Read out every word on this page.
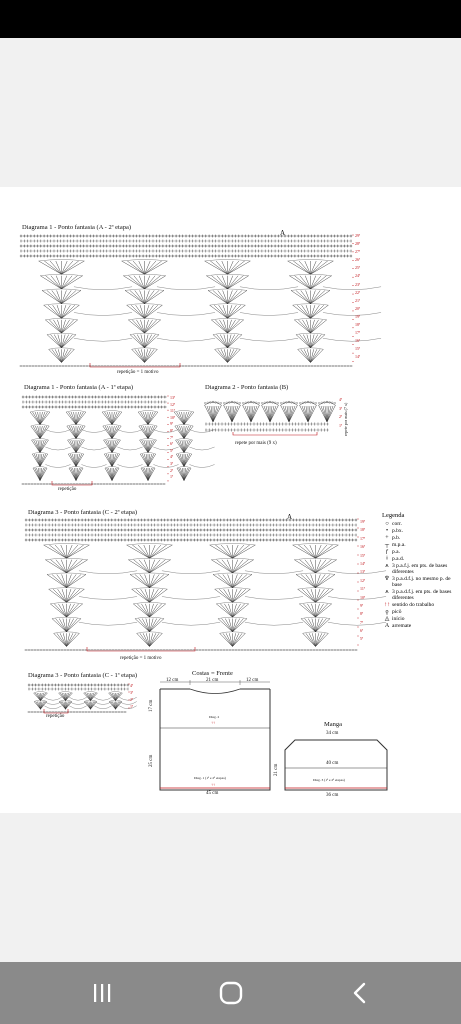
Diagrama 1 - Ponto fantasia (A - 2ª etapa)
A	29ª
28ª
27ª
26ª
25ª
24ª
23ª
22ª
21ª
20ª
19ª
18ª
17ª
16ª
15ª
14ª
repetição = 1 motivo
Diagrama 1 - Ponto fantasia (A - 1ª etapa)
13ª
12ª
11ª
10ª
9ª
8ª
7ª
6ª
5ª
4ª
3ª
2ª
1ª
repetição
Diagrama 2 - Ponto fantasia (B)
4ª
3ª
2ª
1ª
repete por mais (9 x)
repete por mais (7 x)
Diagrama 3 - Ponto fantasia (C - 2ª etapa)
A
19ª
18ª
17ª
16ª
15ª
14ª
13ª
12ª
11ª
10ª
9ª
8ª
7ª
6ª
5ª
repetição = 1 motivo
Diagrama 3 - Ponto fantasia (C - 1ª etapa)
4ª
3ª
2ª
1ª
repetição
Legenda
○ corr.
• p.bx.
+ p.b.
┬ m.p.a.
ƒ p.a.
ǂ p.a.d.
⩚ 3 p.a.f.j. em pts. de bases diferentes
♆ 3 p.a.d.f.j. no mesmo p. de base
⩚ 3 p.a.d.f.j. em pts. de bases diferentes
↑↑ sentido do trabalho
ϙ picô
◬ início
A arremate
Costas = Frente
12 cm	21 cm	12 cm
17 cm
25 cm
45 cm
Diag. 2
↑↑
Diag. 1 (1ª e 2ª etapas)
↑↑
Manga
34 cm
40 cm
21 cm
Diag. 3 (1ª e 2ª etapas)
36 cm
